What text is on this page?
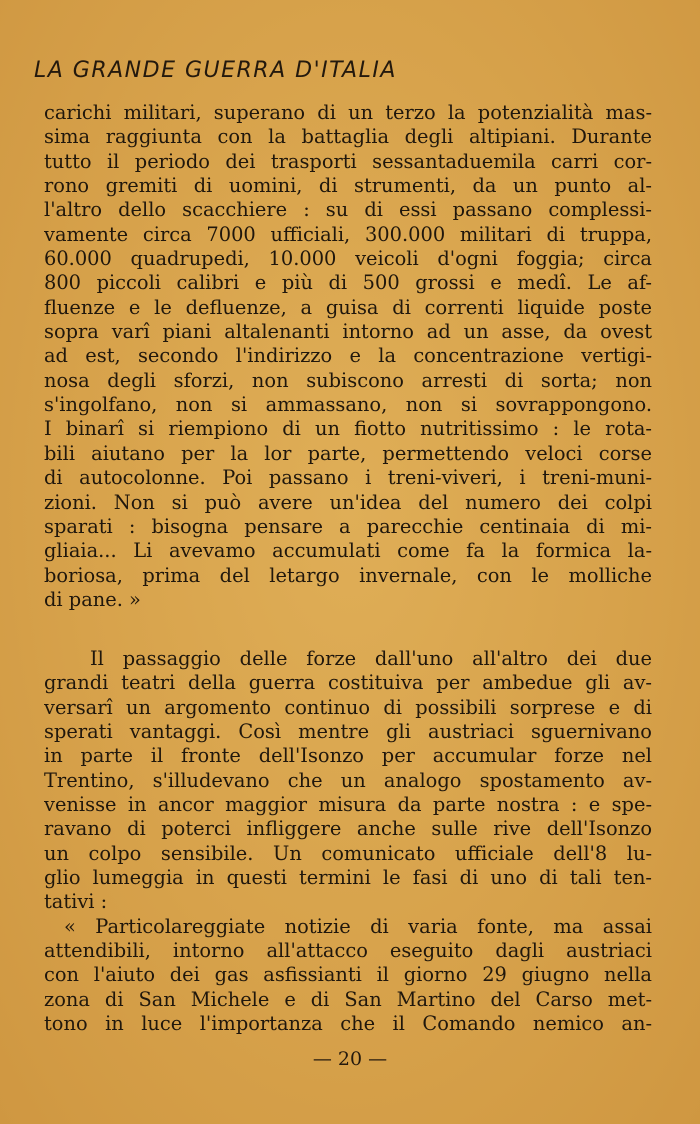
LA GRANDE GUERRA D'ITALIA
carichi militari, superano di un terzo la potenzialità mas-
sima raggiunta con la battaglia degli altipiani. Durante
tutto il periodo dei trasporti sessantaduemila carri cor-
rono gremiti di uomini, di strumenti, da un punto al-
l'altro dello scacchiere : su di essi passano complessi-
vamente circa 7000 ufficiali, 300.000 militari di truppa,
60.000 quadrupedi, 10.000 veicoli d'ogni foggia; circa
800 piccoli calibri e più di 500 grossi e medî. Le af-
fluenze e le defluenze, a guisa di correnti liquide poste
sopra varî piani altalenanti intorno ad un asse, da ovest
ad est, secondo l'indirizzo e la concentrazione vertigi-
nosa degli sforzi, non subiscono arresti di sorta; non
s'ingolfano, non si ammassano, non si sovrappongono.
I binarî si riempiono di un fiotto nutritissimo : le rota-
bili aiutano per la lor parte, permettendo veloci corse
di autocolonne. Poi passano i treni-viveri, i treni-muni-
zioni. Non si può avere un'idea del numero dei colpi
sparati : bisogna pensare a parecchie centinaia di mi-
gliaia... Li avevamo accumulati come fa la formica la-
boriosa, prima del letargo invernale, con le molliche
di pane. »
Il passaggio delle forze dall'uno all'altro dei due
grandi teatri della guerra costituiva per ambedue gli av-
versarî un argomento continuo di possibili sorprese e di
sperati vantaggi. Così mentre gli austriaci sguernivano
in parte il fronte dell'Isonzo per accumular forze nel
Trentino, s'illudevano che un analogo spostamento av-
venisse in ancor maggior misura da parte nostra : e spe-
ravano di poterci infliggere anche sulle rive dell'Isonzo
un colpo sensibile. Un comunicato ufficiale dell'8 lu-
glio lumeggia in questi termini le fasi di uno di tali ten-
tativi :
« Particolareggiate notizie di varia fonte, ma assai
attendibili, intorno all'attacco eseguito dagli austriaci
con l'aiuto dei gas asfissianti il giorno 29 giugno nella
zona di San Michele e di San Martino del Carso met-
tono in luce l'importanza che il Comando nemico an-
— 20 —
